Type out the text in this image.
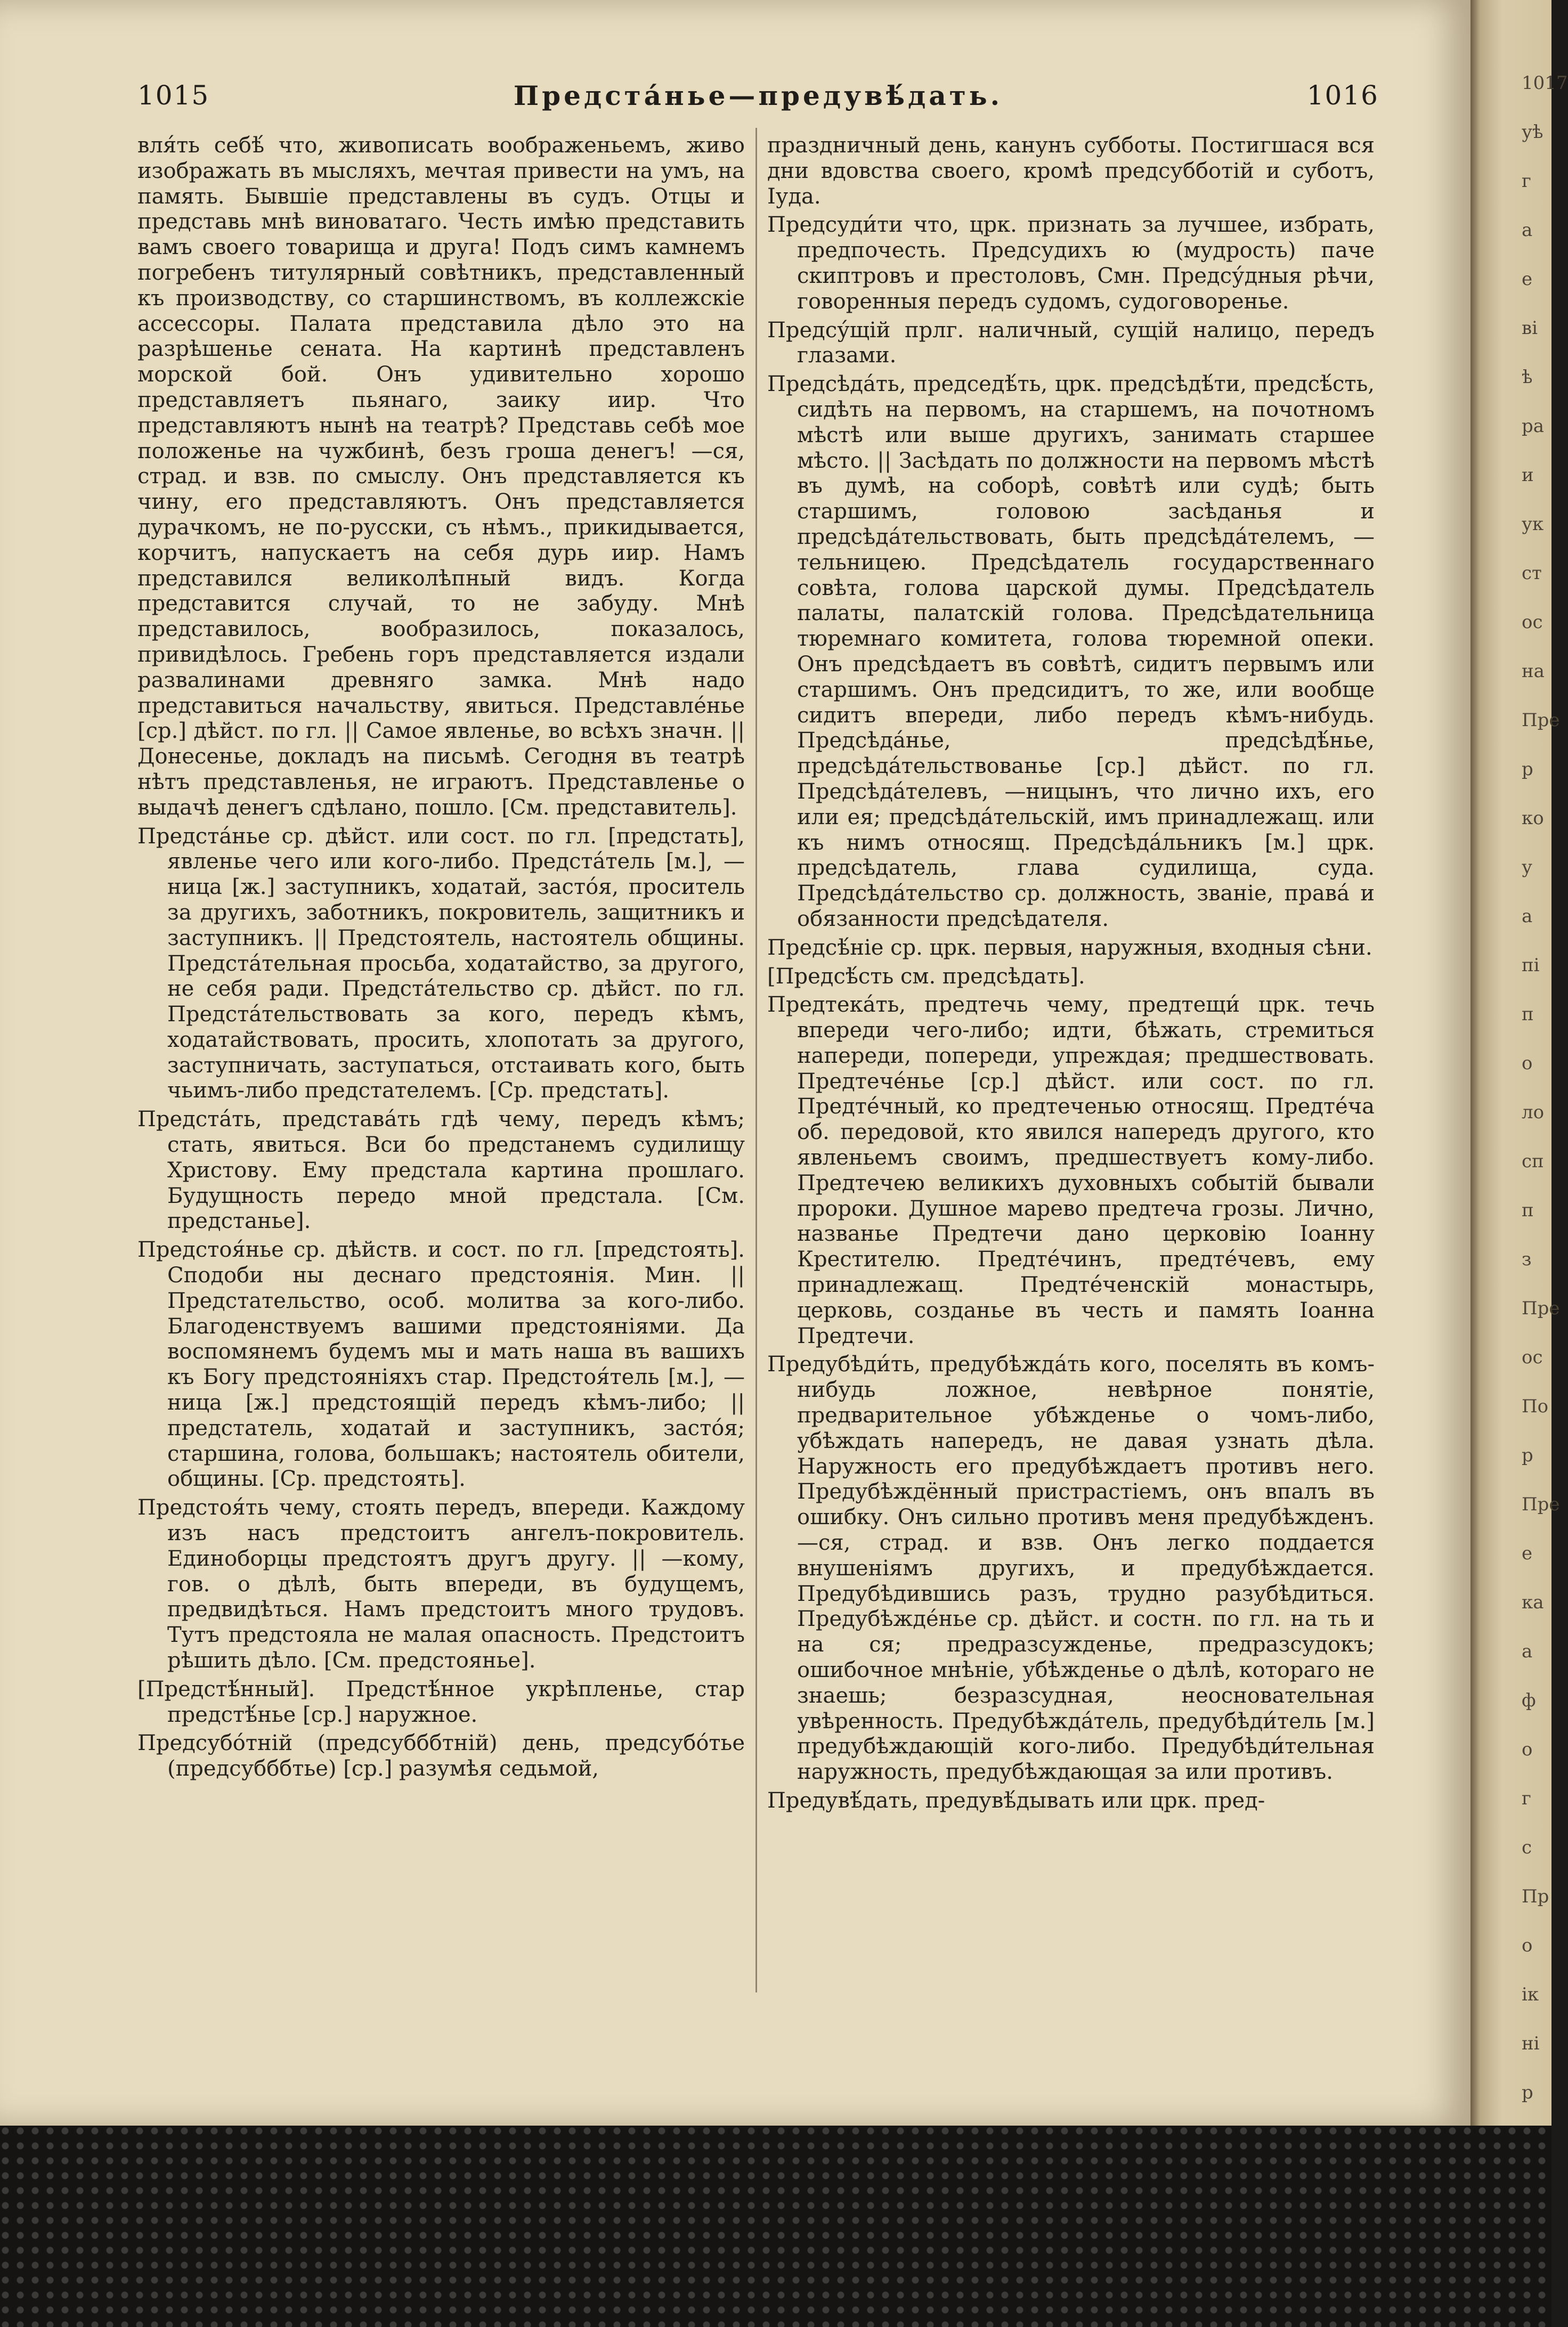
1015	Предста́нье—предувѣ́дать.	1016

вля́ть себѣ́ что, живописать воображеньемъ, живо изображать въ мысляхъ, мечтая привести на умъ, на память. Бывшіе представлены въ судъ. Отцы и представь мнѣ виноватаго. Честь имѣю представить вамъ своего товарища и друга! Подъ симъ камнемъ погребенъ титулярный совѣтникъ, представленный къ производству, со старшинствомъ, въ коллежскіе ассессоры. Палата представила дѣло это на разрѣшенье сената. На картинѣ представленъ морской бой. Онъ удивительно хорошо представляетъ пьянаго, заику иир. Что представляютъ нынѣ на театрѣ? Представь себѣ мое положенье на чужбинѣ, безъ гроша денегъ! —ся, страд. и взв. по смыслу. Онъ представляется къ чину, его представляютъ. Онъ представляется дурачкомъ, не по-русски, съ нѣмъ., прикидывается, корчитъ, напускаетъ на себя дурь иир. Намъ представился великолѣпный видъ. Когда представится случай, то не забуду. Мнѣ представилось, вообразилось, показалось, привидѣлось. Гребень горъ представляется издали развалинами древняго замка. Мнѣ надо представиться начальству, явиться. Представле́нье [ср.] дѣйст. по гл. || Самое явленье, во всѣхъ значн. || Донесенье, докладъ на письмѣ. Сегодня въ театрѣ нѣтъ представленья, не играютъ. Представленье о выдачѣ денегъ сдѣлано, пошло. [См. представитель].

Предста́нье ср. дѣйст. или сост. по гл. [предстать], явленье чего или кого-либо. Предста́тель [м.], —ница [ж.] заступникъ, ходатай, засто́я, проситель за другихъ, заботникъ, покровитель, защитникъ и заступникъ. || Предстоятель, настоятель общины. Предста́тельная просьба, ходатайство, за другого, не себя ради. Предста́тельство ср. дѣйст. по гл. Предста́тельствовать за кого, передъ кѣмъ, ходатайствовать, просить, хлопотать за другого, заступничать, заступаться, отстаивать кого, быть чьимъ-либо предстателемъ. [Ср. предстать].

Предста́ть, представа́ть гдѣ чему, передъ кѣмъ; стать, явиться. Вси бо предстанемъ судилищу Христову. Ему предстала картина прошлаго. Будущность передо мной предстала. [См. предстанье].

Предстоя́нье ср. дѣйств. и сост. по гл. [предстоять]. Сподоби ны деснаго предстоянія. Мин. || Предстательство, особ. молитва за кого-либо. Благоденствуемъ вашими предстояніями. Да воспомянемъ будемъ мы и мать наша въ вашихъ къ Богу предстояніяхъ стар. Предстоя́тель [м.], —ница [ж.] предстоящій передъ кѣмъ-либо; || предстатель, ходатай и заступникъ, засто́я; старшина, голова, большакъ; настоятель обители, общины. [Ср. предстоять].

Предстоя́ть чему, стоять передъ, впереди. Каждому изъ насъ предстоитъ ангелъ-покровитель. Единоборцы предстоятъ другъ другу. || —кому, гов. о дѣлѣ, быть впереди, въ будущемъ, предвидѣться. Намъ предстоитъ много трудовъ. Тутъ предстояла не малая опасность. Предстоитъ рѣшить дѣло. [См. предстоянье].

[Предстѣ́нный]. Предстѣ́нное укрѣпленье, стар предстѣ́нье [ср.] наружное.

Предсубо́тній (предсубббтній) день, предсубо́тье (предсубббтье) [ср.] разумѣя седьмой,

праздничный день, канунъ субботы. Постигшася вся дни вдовства своего, кромѣ предсубботій и суботъ, Іуда.

Предсуди́ти что, црк. признать за лучшее, избрать, предпочесть. Предсудихъ ю (мудрость) паче скиптровъ и престоловъ, Смн. Предсу́дныя рѣчи, говоренныя передъ судомъ, судоговоренье.

Предсу́щій прлг. наличный, сущій налицо, передъ глазами.

Предсѣда́ть, председѣ́ть, црк. предсѣдѣ́ти, предсѣ́сть, сидѣть на первомъ, на старшемъ, на почотномъ мѣстѣ или выше другихъ, занимать старшее мѣсто. || Засѣдать по должности на первомъ мѣстѣ въ думѣ, на соборѣ, совѣтѣ или судѣ; быть старшимъ, головою засѣданья и предсѣда́тельствовать, быть предсѣда́телемъ, —тельницею. Предсѣдатель государственнаго совѣта, голова царской думы. Предсѣдатель палаты, палатскій голова. Предсѣдательница тюремнаго комитета, голова тюремной опеки. Онъ предсѣдаетъ въ совѣтѣ, сидитъ первымъ или старшимъ. Онъ предсидитъ, то же, или вообще сидитъ впереди, либо передъ кѣмъ-нибудь. Предсѣда́нье, предсѣдѣ́нье, предсѣда́тельствованье [ср.] дѣйст. по гл. Предсѣда́телевъ, —ницынъ, что лично ихъ, его или ея; предсѣда́тельскій, имъ принадлежащ. или къ нимъ относящ. Предсѣда́льникъ [м.] црк. предсѣдатель, глава судилища, суда. Предсѣда́тельство ср. должность, званіе, права́ и обязанности предсѣдателя.

Предсѣ́ніе ср. црк. первыя, наружныя, входныя сѣни.

[Предсѣ́сть см. предсѣдать].

Предтека́ть, предтечь чему, предтещи́ црк. течь впереди чего-либо; идти, бѣжать, стремиться напереди, попереди, упреждая; предшествовать. Предтече́нье [ср.] дѣйст. или сост. по гл. Предте́чный, ко предтеченью относящ. Предте́ча об. передовой, кто явился напередъ другого, кто явленьемъ своимъ, предшествуетъ кому-либо. Предтечею великихъ духовныхъ событій бывали пророки. Душное марево предтеча грозы. Лично, названье Предтечи дано церковію Іоанну Крестителю. Предте́чинъ, предте́чевъ, ему принадлежащ. Предте́ченскій монастырь, церковь, созданье въ честь и память Іоанна Предтечи.

Предубѣди́ть, предубѣжда́ть кого, поселять въ комъ-нибудь ложное, невѣрное понятіе, предварительное убѣжденье о чомъ-либо, убѣждать напередъ, не давая узнать дѣла. Наружность его предубѣждаетъ противъ него. Предубѣждённый пристрастіемъ, онъ впалъ въ ошибку. Онъ сильно противъ меня предубѣжденъ. —ся, страд. и взв. Онъ легко поддается внушеніямъ другихъ, и предубѣждается. Предубѣдившись разъ, трудно разубѣдиться. Предубѣжде́нье ср. дѣйст. и состн. по гл. на ть и на ся; предразсужденье, предразсудокъ; ошибочное мнѣніе, убѣжденье о дѣлѣ, котораго не знаешь; безразсудная, неосновательная увѣренность. Предубѣжда́тель, предубѣди́тель [м.] предубѣждающій кого-либо. Предубѣди́тельная наружность, предубѣждающая за или противъ.

Предувѣ́дать, предувѣ́дывать или црк. пред-

1017
уѣ
г
а
е
ві
ѣ
ра
и
ук
ст
ос
на
Пре
р
ко
у
а
пі
п
о
ло
сп
п
з
Пре
ос
По
р
Пре
е
ка
а
ф
о
г
с
Пр
о
ік
ні
р
